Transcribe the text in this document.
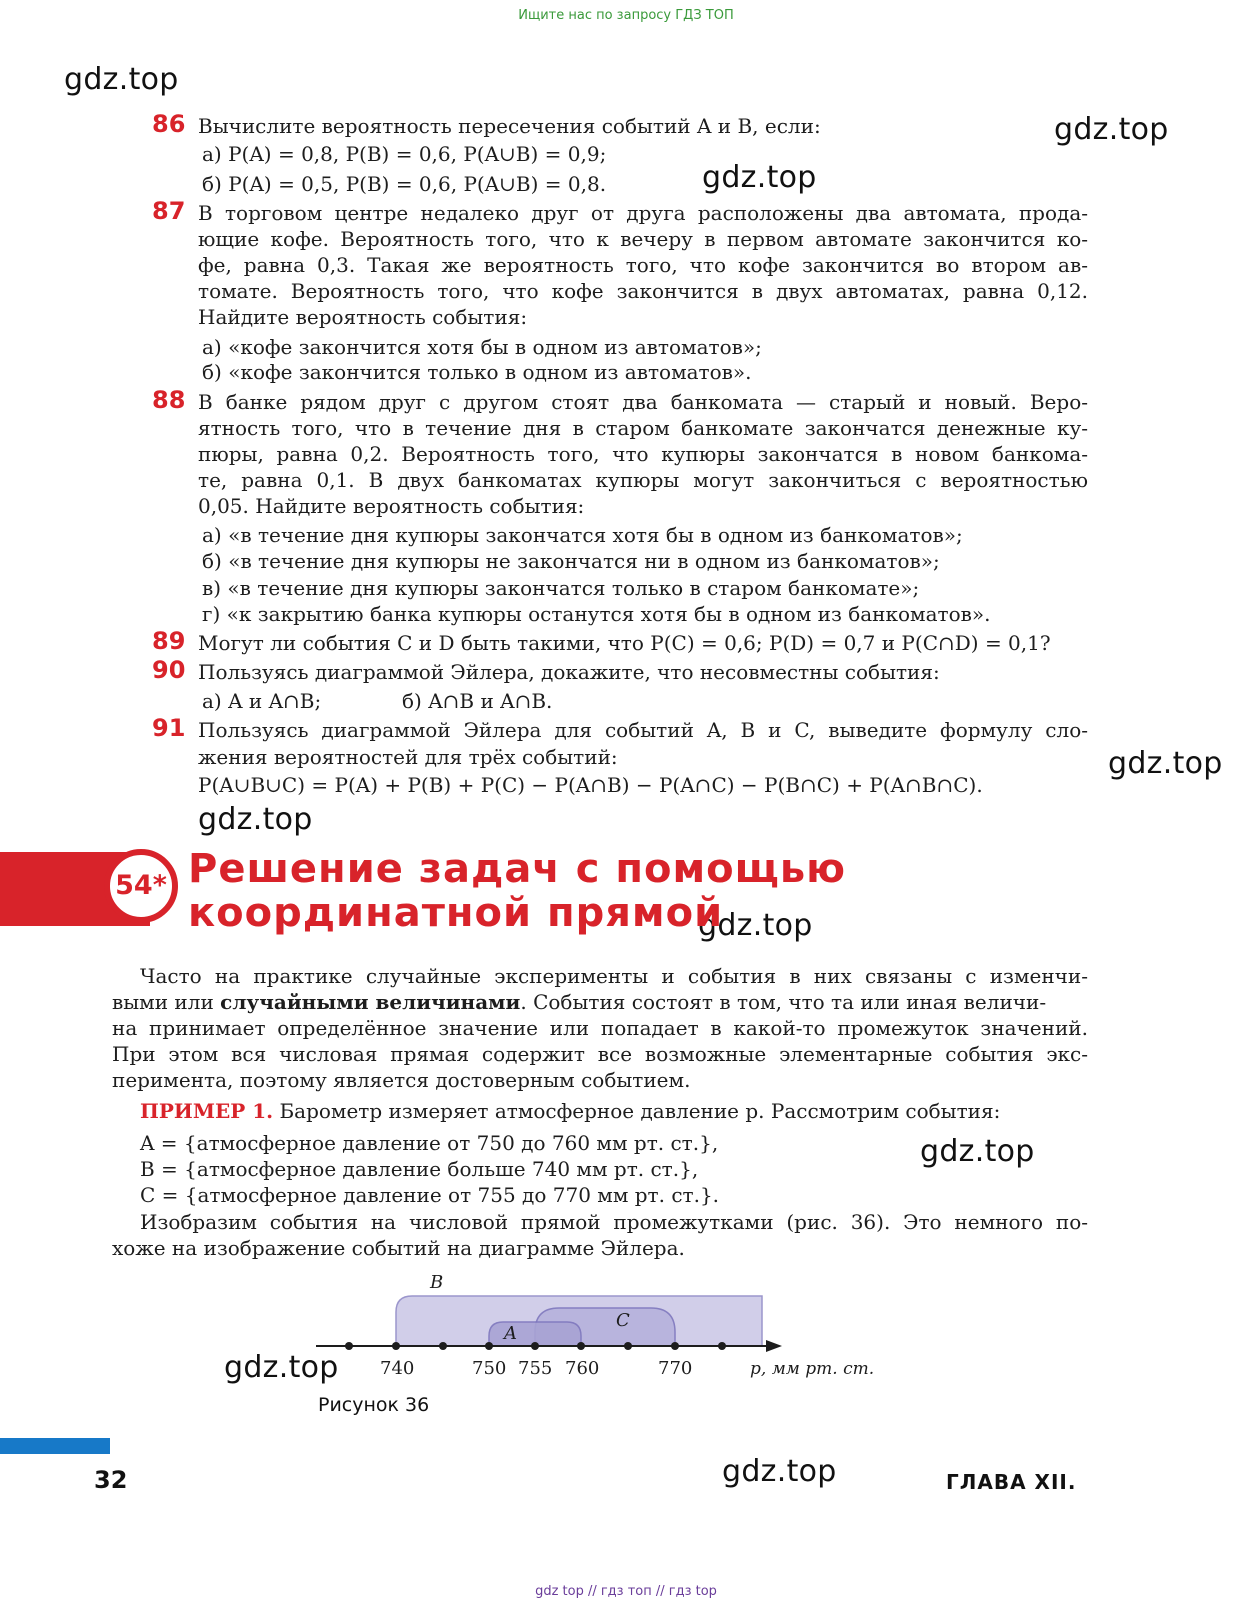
Ищите нас по запросу ГДЗ ТОП
gdz.top
gdz.top
gdz.top
gdz.top
gdz.top
gdz.top
gdz.top
gdz.top
gdz.top
86 Вычислите вероятность пересечения событий A и B, если:
а) P(A) = 0,8, P(B) = 0,6, P(A∪B) = 0,9;
б) P(A) = 0,5, P(B) = 0,6, P(A∪B) = 0,8.
87 В торговом центре недалеко друг от друга расположены два автомата, прода-
ющие кофе. Вероятность того, что к вечеру в первом автомате закончится ко-
фе, равна 0,3. Такая же вероятность того, что кофе закончится во втором ав-
томате. Вероятность того, что кофе закончится в двух автоматах, равна 0,12.
Найдите вероятность события:
а) «кофе закончится хотя бы в одном из автоматов»;
б) «кофе закончится только в одном из автоматов».
88 В банке рядом друг с другом стоят два банкомата — старый и новый. Веро-
ятность того, что в течение дня в старом банкомате закончатся денежные ку-
пюры, равна 0,2. Вероятность того, что купюры закончатся в новом банкома-
те, равна 0,1. В двух банкоматах купюры могут закончиться с вероятностью
0,05. Найдите вероятность события:
а) «в течение дня купюры закончатся хотя бы в одном из банкоматов»;
б) «в течение дня купюры не закончатся ни в одном из банкоматов»;
в) «в течение дня купюры закончатся только в старом банкомате»;
г) «к закрытию банка купюры останутся хотя бы в одном из банкоматов».
89 Могут ли события C и D быть такими, что P(C) = 0,6; P(D) = 0,7 и P(C∩D) = 0,1?
90 Пользуясь диаграммой Эйлера, докажите, что несовместны события:
а) A и A∩B;	б) A∩B и A∩B.
91 Пользуясь диаграммой Эйлера для событий A, B и C, выведите формулу сло-
жения вероятностей для трёх событий:
P(A∪B∪C) = P(A) + P(B) + P(C) − P(A∩B) − P(A∩C) − P(B∩C) + P(A∩B∩C).
54* Решение задач с помощью
координатной прямой
Часто на практике случайные эксперименты и события в них связаны с изменчи-
выми или случайными величинами. События состоят в том, что та или иная величи-
на принимает определённое значение или попадает в какой-то промежуток значений.
При этом вся числовая прямая содержит все возможные элементарные события экс-
перимента, поэтому является достоверным событием.
ПРИМЕР 1. Барометр измеряет атмосферное давление p. Рассмотрим события:
A = {атмосферное давление от 750 до 760 мм рт. ст.},
B = {атмосферное давление больше 740 мм рт. ст.},
C = {атмосферное давление от 755 до 770 мм рт. ст.}.
Изобразим события на числовой прямой промежутками (рис. 36). Это немного по-
хоже на изображение событий на диаграмме Эйлера.
740	750 755 760	770	p, мм рт. ст.
B
A
C
Рисунок 36
32	ГЛАВА XII.
gdz top // гдз топ // гдз top
